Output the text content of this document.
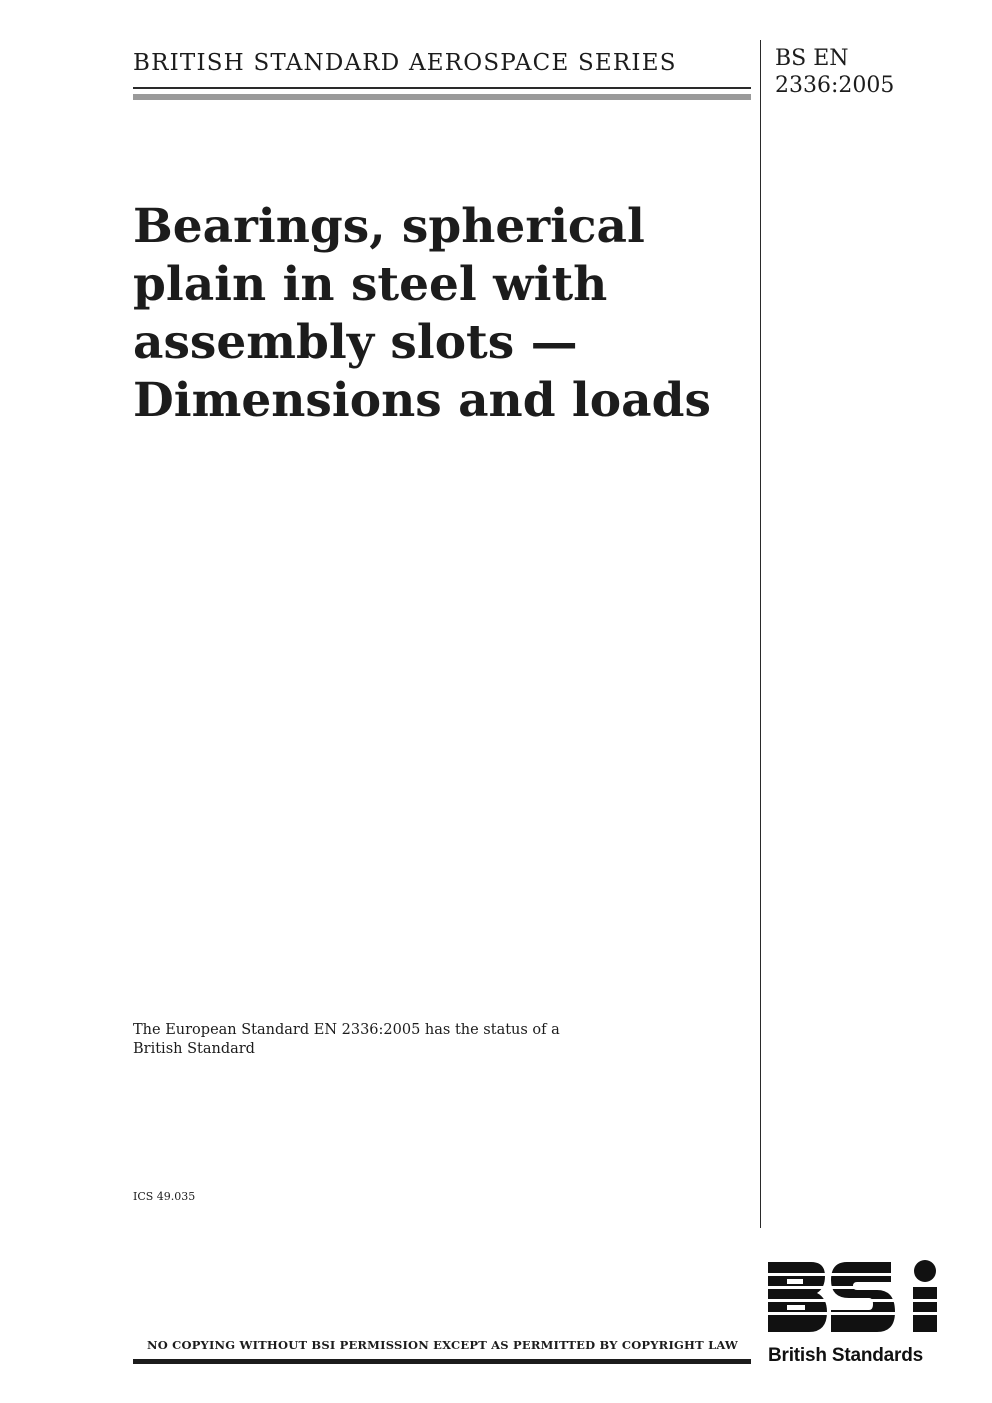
BRITISH STANDARD AEROSPACE SERIES	BS EN
2336:2005
Bearings, spherical
plain in steel with
assembly slots —
Dimensions and loads
The European Standard EN 2336:2005 has the status of a
British Standard
ICS 49.035
NO COPYING WITHOUT BSI PERMISSION EXCEPT AS PERMITTED BY COPYRIGHT LAW British Standards
